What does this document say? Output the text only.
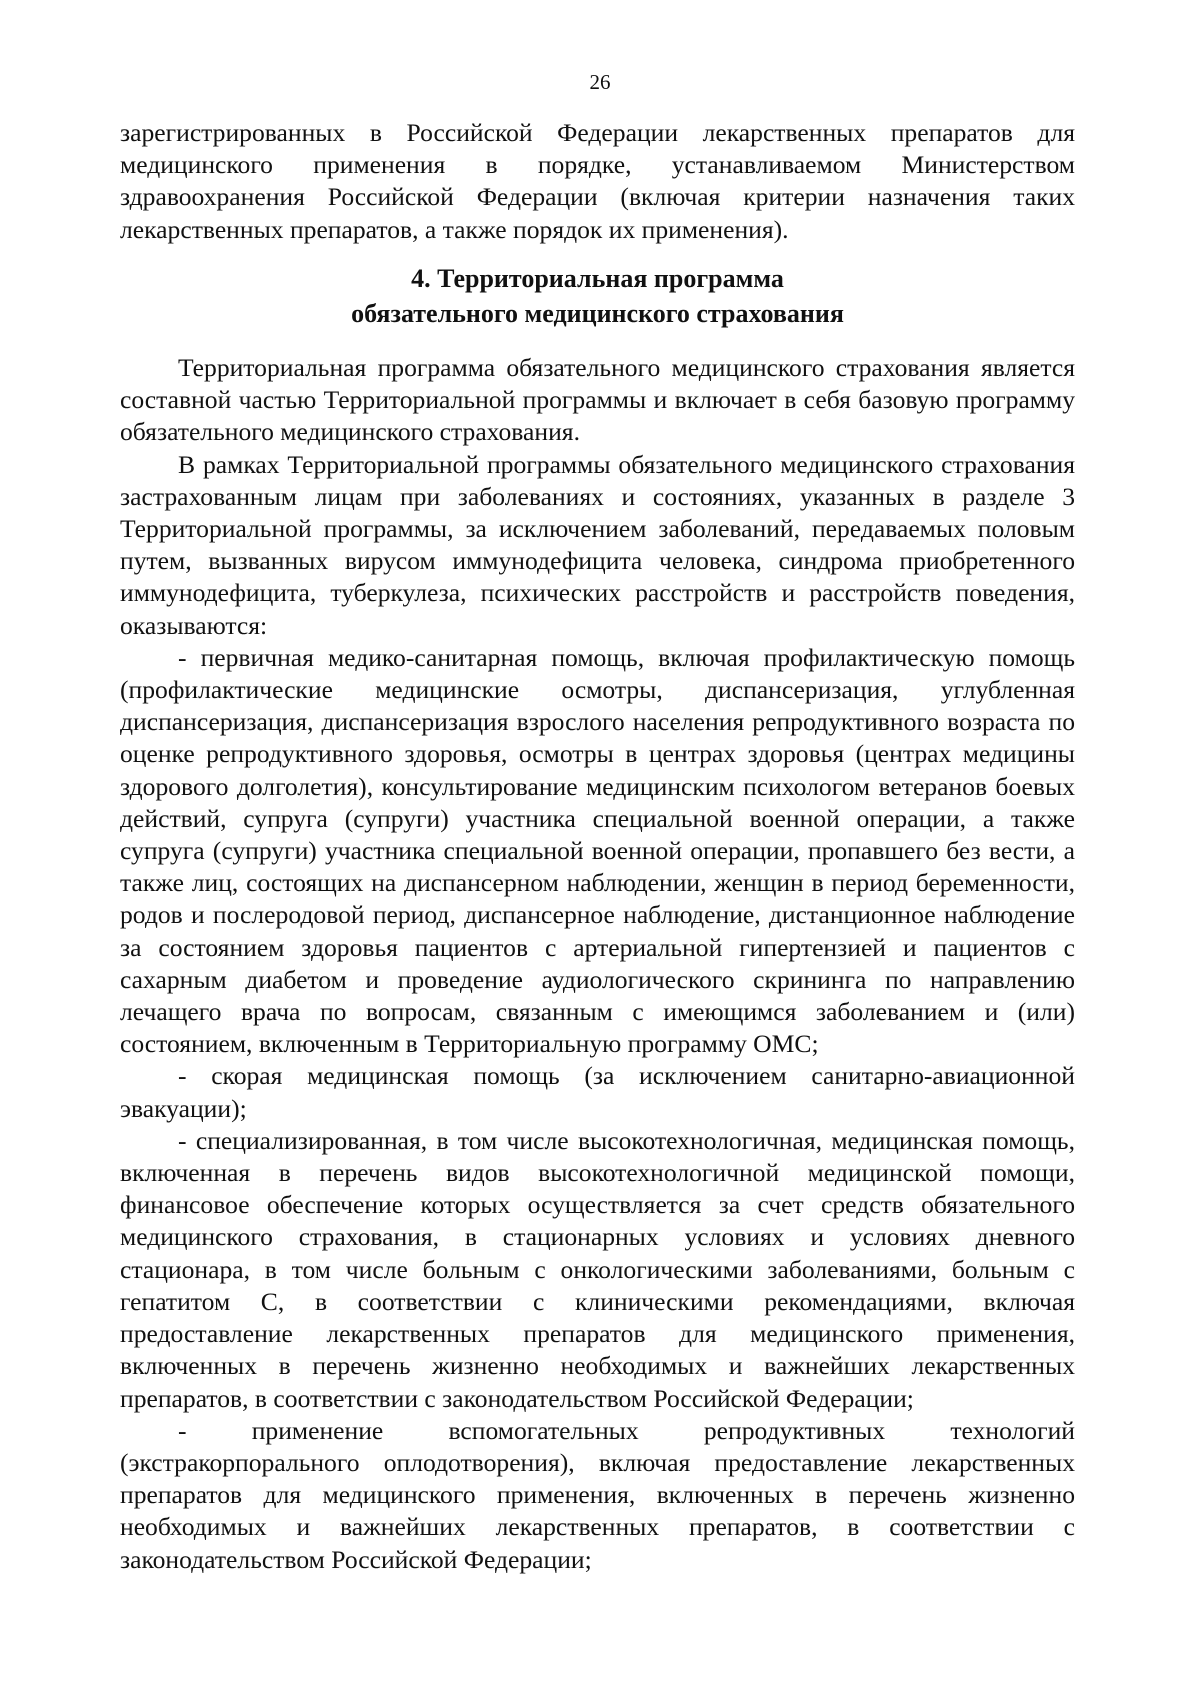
26

зарегистрированных в Российской Федерации лекарственных препаратов для медицинского применения в порядке, устанавливаемом Министерством здравоохранения Российской Федерации (включая критерии назначения таких лекарственных препаратов, а также порядок их применения).

4. Территориальная программа
обязательного медицинского страхования

Территориальная программа обязательного медицинского страхования является составной частью Территориальной программы и включает в себя базовую программу обязательного медицинского страхования.

В рамках Территориальной программы обязательного медицинского страхования застрахованным лицам при заболеваниях и состояниях, указанных в разделе 3 Территориальной программы, за исключением заболеваний, передаваемых половым путем, вызванных вирусом иммунодефицита человека, синдрома приобретенного иммунодефицита, туберкулеза, психических расстройств и расстройств поведения, оказываются:

- первичная медико-санитарная помощь, включая профилактическую помощь (профилактические медицинские осмотры, диспансеризация, углубленная диспансеризация, диспансеризация взрослого населения репродуктивного возраста по оценке репродуктивного здоровья, осмотры в центрах здоровья (центрах медицины здорового долголетия), консультирование медицинским психологом ветеранов боевых действий, супруга (супруги) участника специальной военной операции, а также супруга (супруги) участника специальной военной операции, пропавшего без вести, а также лиц, состоящих на диспансерном наблюдении, женщин в период беременности, родов и послеродовой период, диспансерное наблюдение, дистанционное наблюдение за состоянием здоровья пациентов с артериальной гипертензией и пациентов с сахарным диабетом и проведение аудиологического скрининга по направлению лечащего врача по вопросам, связанным с имеющимся заболеванием и (или) состоянием, включенным в Территориальную программу ОМС;

- скорая медицинская помощь (за исключением санитарно-авиационной эвакуации);

- специализированная, в том числе высокотехнологичная, медицинская помощь, включенная в перечень видов высокотехнологичной медицинской помощи, финансовое обеспечение которых осуществляется за счет средств обязательного медицинского страхования, в стационарных условиях и условиях дневного стационара, в том числе больным с онкологическими заболеваниями, больным с гепатитом С, в соответствии с клиническими рекомендациями, включая предоставление лекарственных препаратов для медицинского применения, включенных в перечень жизненно необходимых и важнейших лекарственных препаратов, в соответствии с законодательством Российской Федерации;

- применение вспомогательных репродуктивных технологий (экстракорпорального оплодотворения), включая предоставление лекарственных препаратов для медицинского применения, включенных в перечень жизненно необходимых и важнейших лекарственных препаратов, в соответствии с законодательством Российской Федерации;
